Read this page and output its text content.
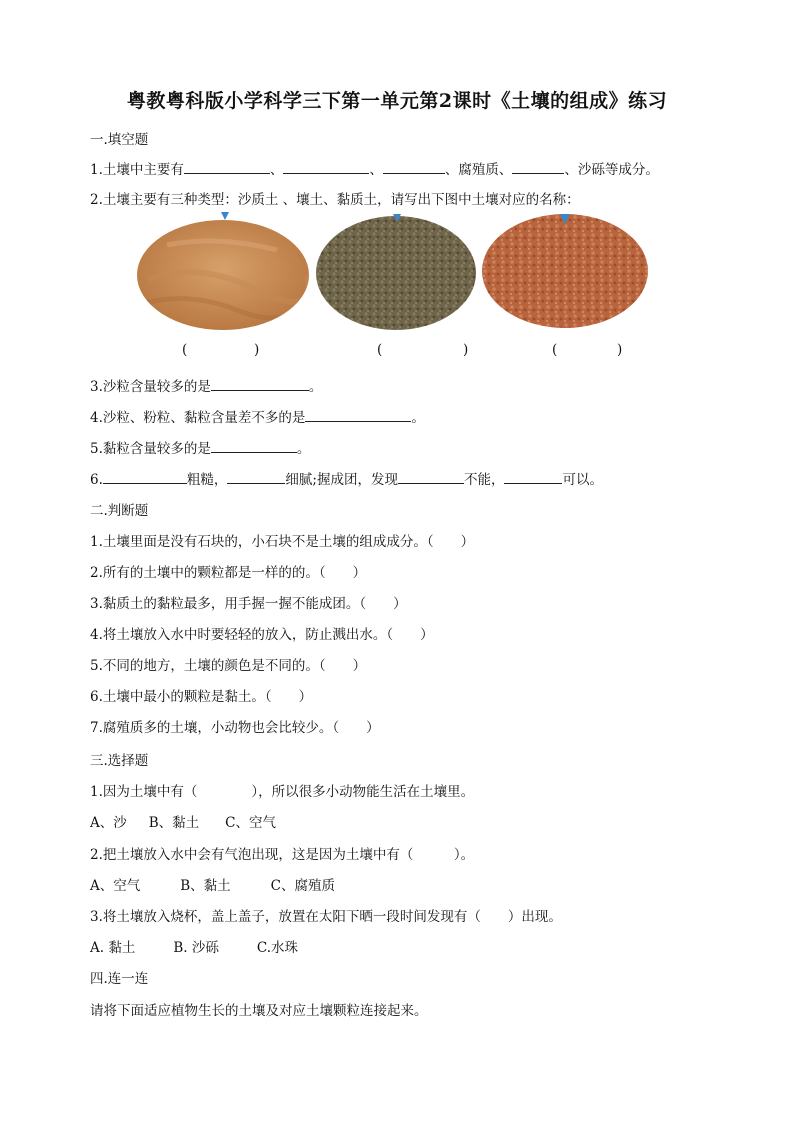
粤教粤科版小学科学三下第一单元第2课时《土壤的组成》练习
一.填空题
1.土壤中主要有	、	、	、腐殖质、	、沙砾等成分。
2.土壤主要有三种类型：沙质土 、壤土、黏质土，请写出下图中土壤对应的名称：
(	)	(	)	(	)
3.沙粒含量较多的是	。
4.沙粒、粉粒、黏粒含量差不多的是	。
5.黏粒含量较多的是	。
6.	粗糙，	细腻;握成团，发现	不能，	可以。
二.判断题
1.土壤里面是没有石块的，小石块不是土壤的组成成分。（　　）
2.所有的土壤中的颗粒都是一样的的。（　　）
3.黏质土的黏粒最多，用手握一握不能成团。（　　）
4.将土壤放入水中时要轻轻的放入，防止溅出水。（　　）
5.不同的地方，土壤的颜色是不同的。（　　）
6.土壤中最小的颗粒是黏土。（　　）
7.腐殖质多的土壤，小动物也会比较少。（　　）
三.选择题
1.因为土壤中有（　　　　），所以很多小动物能生活在土壤里。
A、沙 B、黏土 C、空气
2.把土壤放入水中会有气泡出现，这是因为土壤中有（　　　）。
A、空气	B、黏土	C、腐殖质
3.将土壤放入烧杯，盖上盖子，放置在太阳下晒一段时间发现有（　　）出现。
A. 黏土	B. 沙砾	C.水珠
四.连一连
请将下面适应植物生长的土壤及对应土壤颗粒连接起来。
